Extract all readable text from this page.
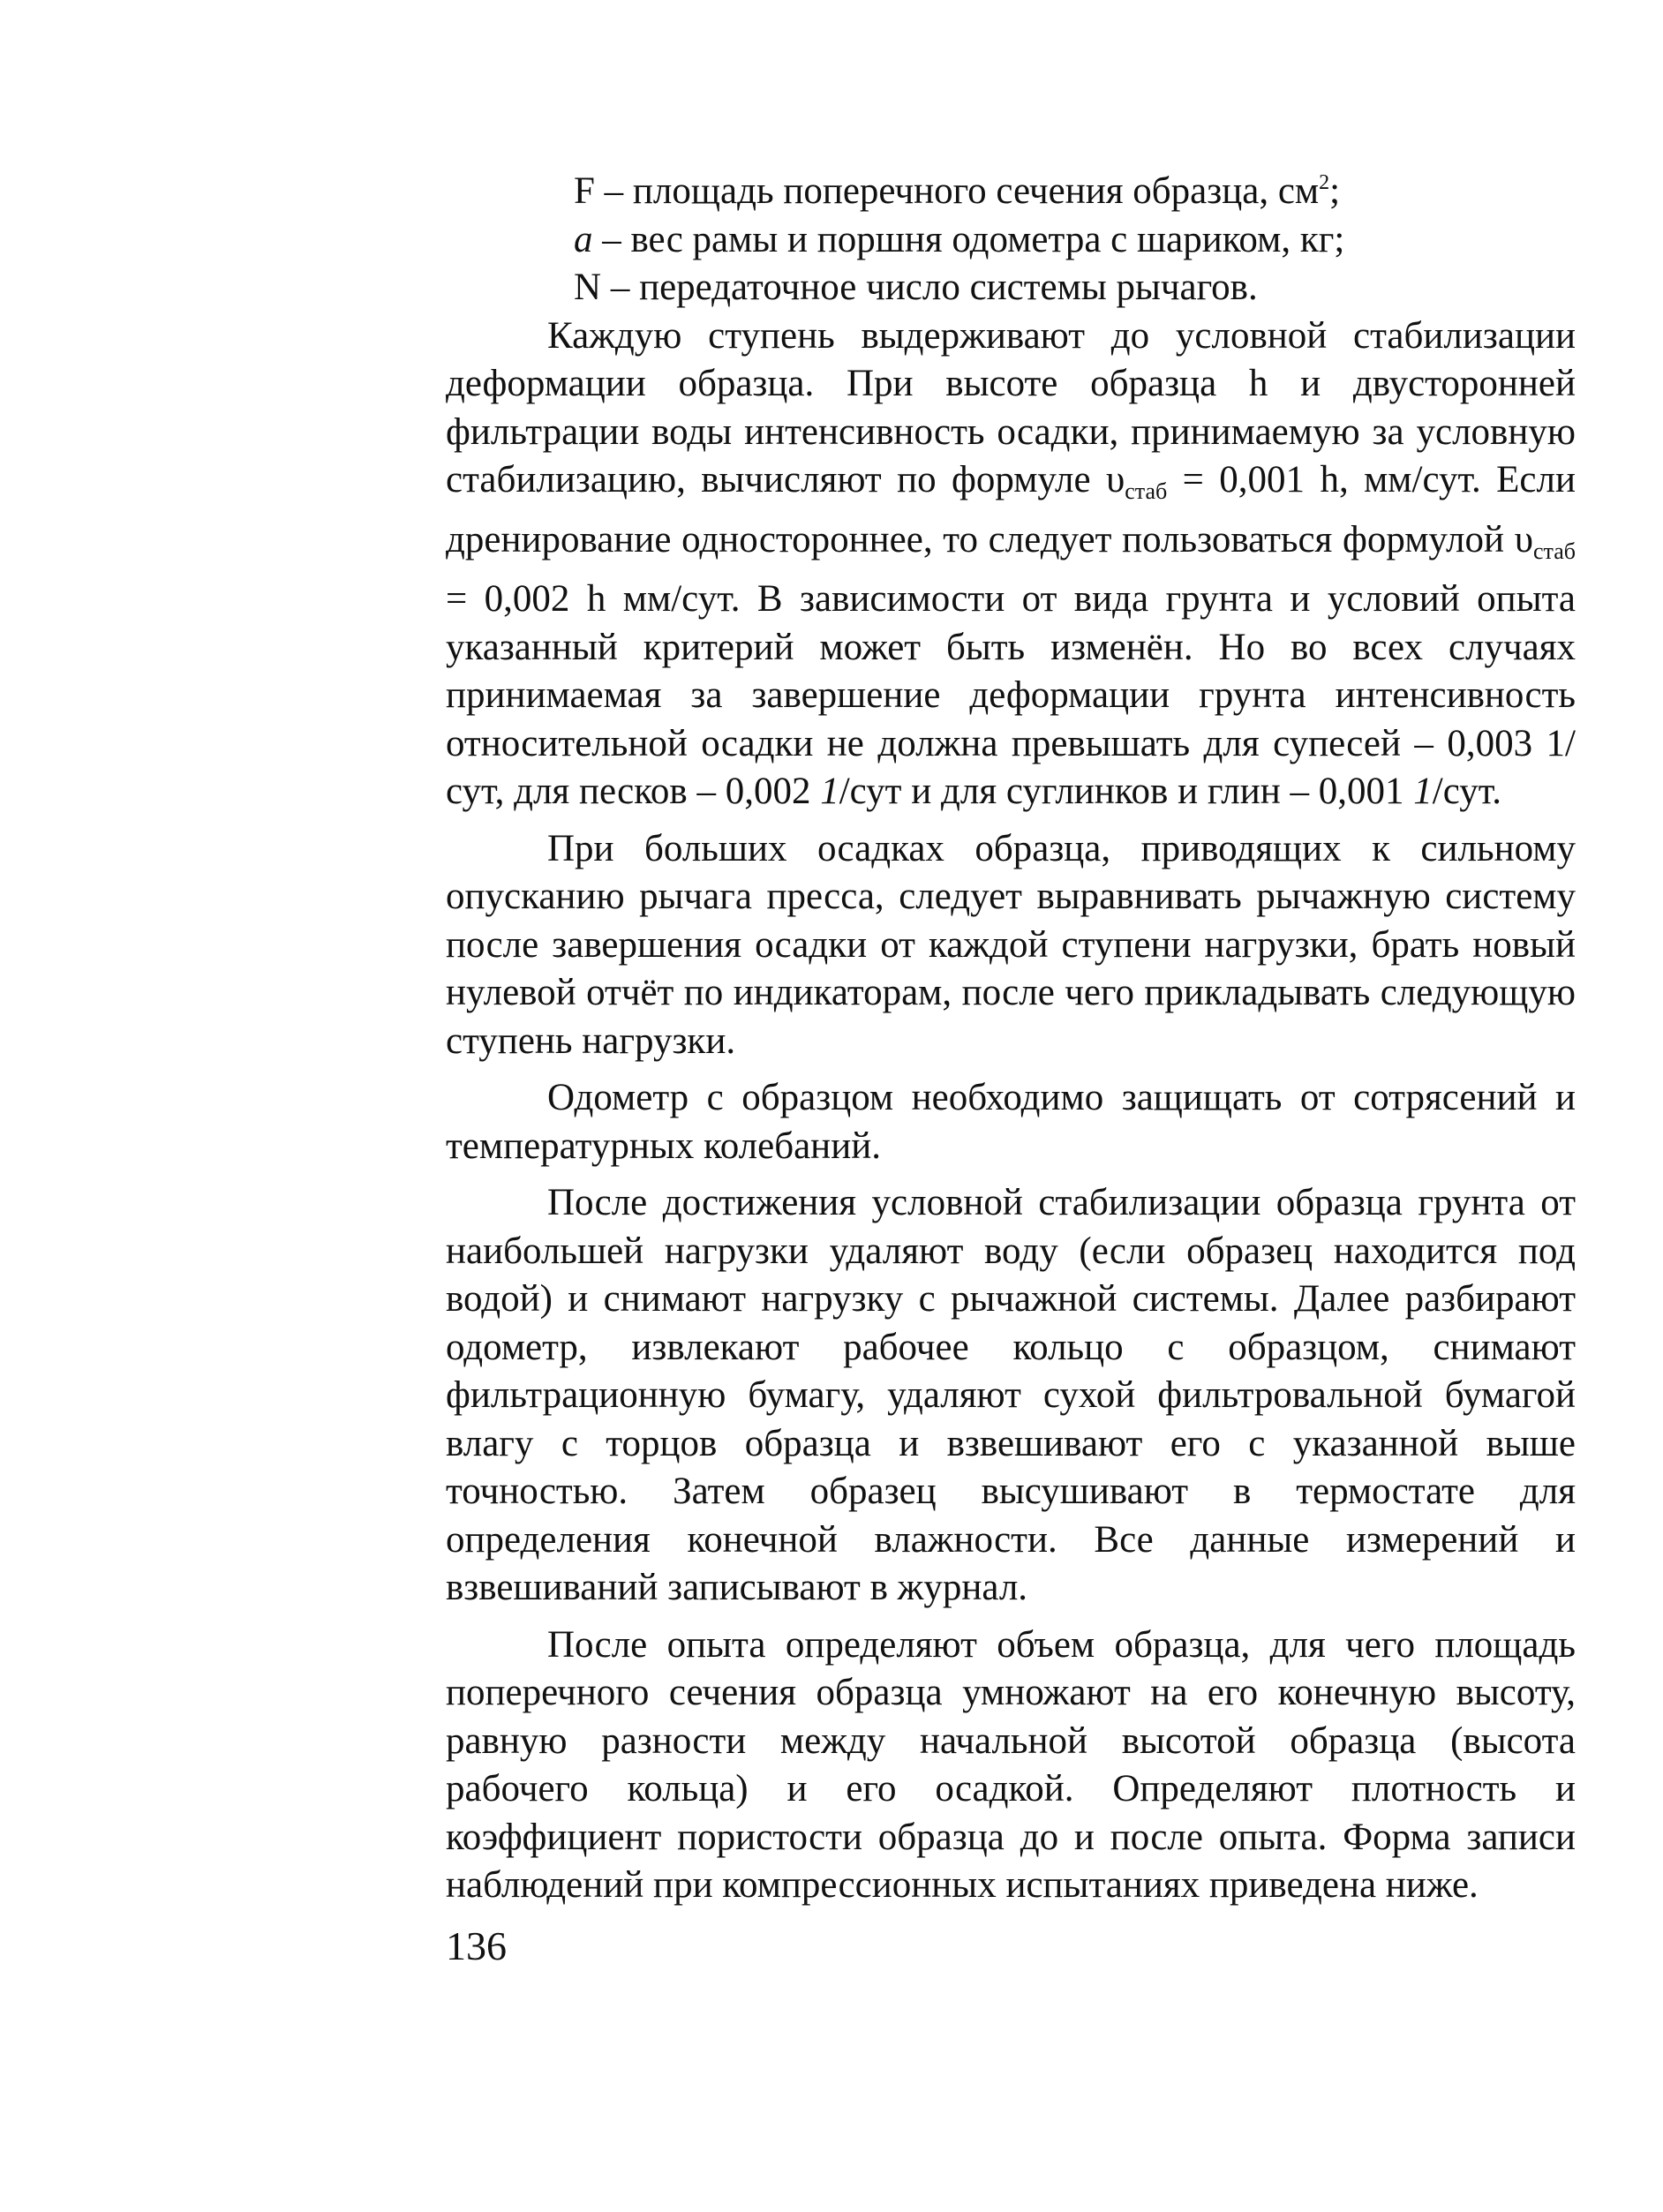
F – площадь поперечного сечения образца, $см^2$;
a – вес рамы и поршня одометра с шариком, кг;
N – передаточное число системы рычагов.

Каждую ступень выдерживают до условной стабилизации деформации образца. При высоте образца h и двусторонней фильтрации воды интенсивность осадки, принимаемую за условную стабилизацию, вычисляют по формуле $\upsilon_{стаб} = 0,001$ h, мм/сут. Если дренирование одностороннее, то следует пользоваться формулой $\upsilon_{стаб} = 0,002$ h мм/сут. В зависимости от вида грунта и условий опыта указанный критерий может быть изменён. Но во всех случаях принимаемая за завершение деформации грунта интенсивность относительной осадки не должна превышать для супесей – 0,003 1/сут, для песков – 0,002 1/сут и для суглинков и глин – 0,001 1/сут.

При больших осадках образца, приводящих к сильному опусканию рычага пресса, следует выравнивать рычажную систему после завершения осадки от каждой ступени нагрузки, брать новый нулевой отчёт по индикаторам, после чего прикладывать следующую ступень нагрузки.

Одометр с образцом необходимо защищать от сотрясений и температурных колебаний.

После достижения условной стабилизации образца грунта от наибольшей нагрузки удаляют воду (если образец находится под водой) и снимают нагрузку с рычажной системы. Далее разбирают одометр, извлекают рабочее кольцо с образцом, снимают фильтрационную бумагу, удаляют сухой фильтровальной бумагой влагу с торцов образца и взвешивают его с указанной выше точностью. Затем образец высушивают в термостате для определения конечной влажности. Все данные измерений и взвешиваний записывают в журнал.

После опыта определяют объем образца, для чего площадь поперечного сечения образца умножают на его конечную высоту, равную разности между начальной высотой образца (высота рабочего кольца) и его осадкой. Определяют плотность и коэффициент пористости образца до и после опыта. Форма записи наблюдений при компрессионных испытаниях приведена ниже.

136
